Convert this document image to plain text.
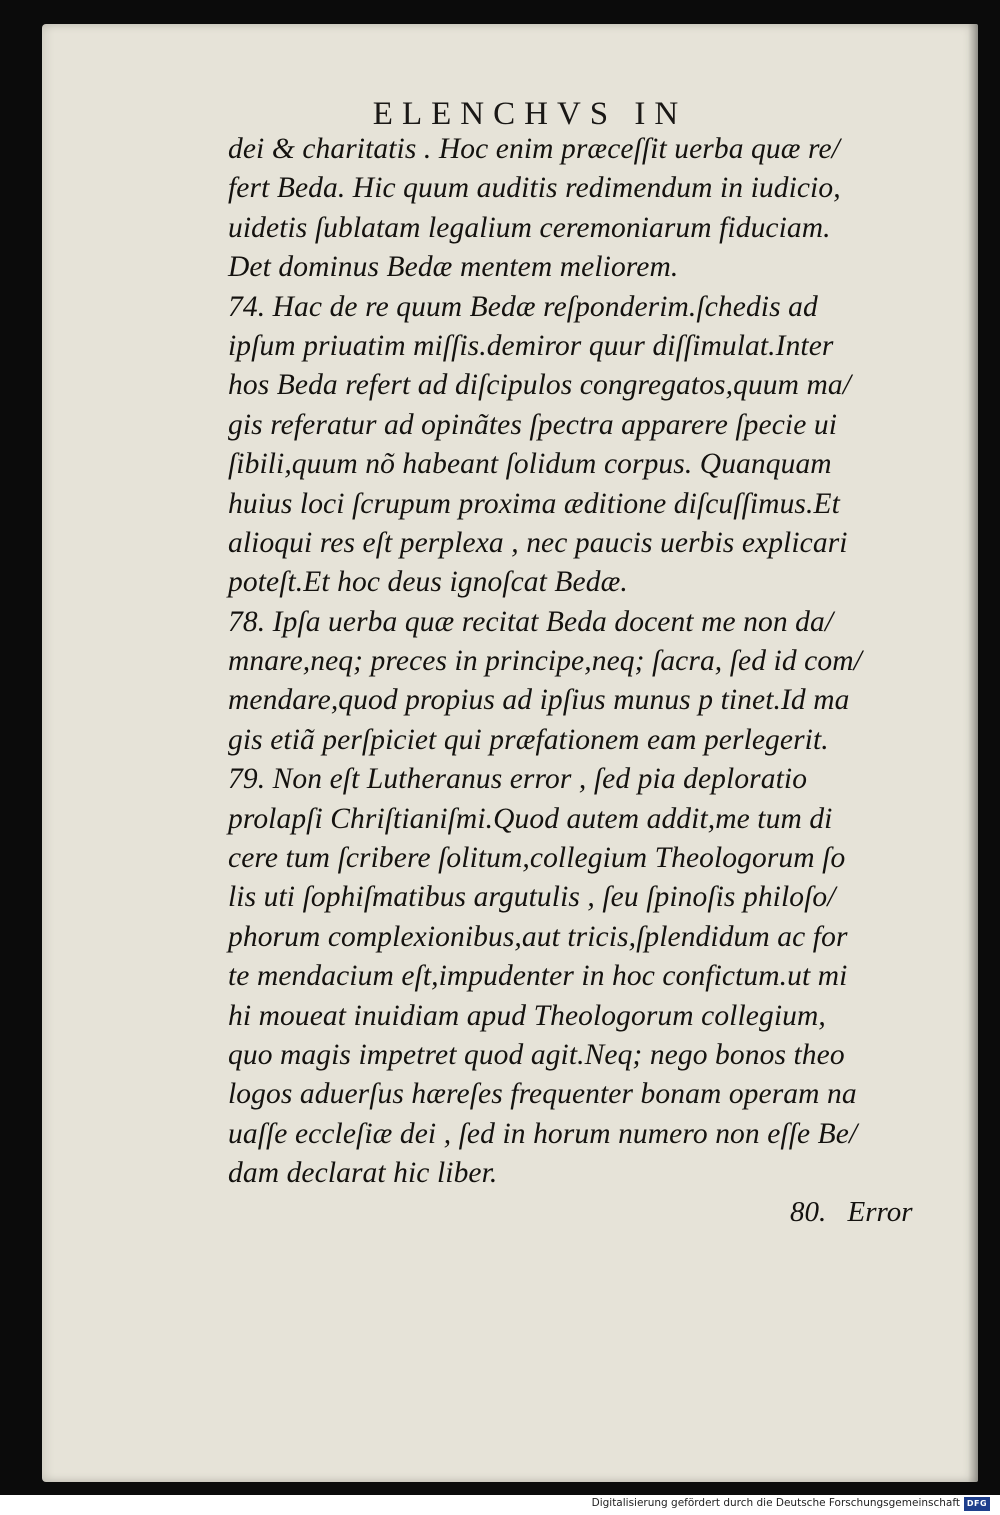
ELENCHVS IN
dei & charitatis . Hoc enim præceſſit uerba quæ re/
fert Beda. Hic quum auditis redimendum in iudicio,
uidetis ſublatam legalium ceremoniarum fiduciam.
Det dominus Bedæ mentem meliorem.
74. Hac de re quum Bedæ reſponderim.ſchedis ad
ipſum priuatim miſſis.demiror quur diſſimulat.Inter
hos Beda refert ad diſcipulos congregatos,quum ma/
gis referatur ad opinãtes ſpectra apparere ſpecie ui
ſibili,quum nõ habeant ſolidum corpus. Quanquam
huius loci ſcrupum proxima æditione diſcuſſimus.Et
alioqui res eſt perplexa , nec paucis uerbis explicari
poteſt.Et hoc deus ignoſcat Bedæ.
78. Ipſa uerba quæ recitat Beda docent me non da/
mnare,neq; preces in principe,neq; ſacra, ſed id com/
mendare,quod propius ad ipſius munus p tinet.Id ma
gis etiã perſpiciet qui præfationem eam perlegerit.
79. Non eſt Lutheranus error , ſed pia deploratio
prolapſi Chriſtianiſmi.Quod autem addit,me tum di
cere tum ſcribere ſolitum,collegium Theologorum ſo
lis uti ſophiſmatibus argutulis , ſeu ſpinoſis philoſo/
phorum complexionibus,aut tricis,ſplendidum ac for
te mendacium eſt,impudenter in hoc confictum.ut mi
hi moueat inuidiam apud Theologorum collegium,
quo magis impetret quod agit.Neq; nego bonos theo
logos aduerſus hæreſes frequenter bonam operam na
uaſſe eccleſiæ dei , ſed in horum numero non eſſe Be/
dam declarat hic liber.
80. Error
Digitalisierung gefördert durch die Deutsche Forschungsgemeinschaft DFG
